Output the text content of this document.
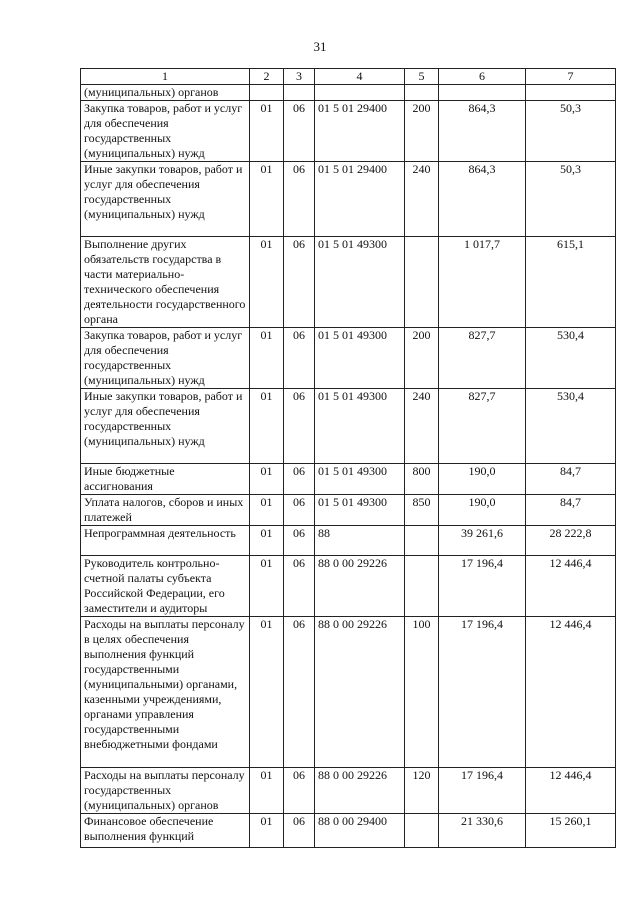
31
1	2	3	4	5	6	7
(муниципальных) органов						
Закупка товаров, работ и услуг для обеспечения государственных (муниципальных) нужд	01	06	01 5 01 29400	200	864,3	50,3
Иные закупки товаров, работ и услуг для обеспечения государственных (муниципальных) нужд	01	06	01 5 01 29400	240	864,3	50,3
Выполнение других обязательств государства в части материально-технического обеспечения деятельности государственного органа	01	06	01 5 01 49300		1 017,7	615,1
Закупка товаров, работ и услуг для обеспечения государственных (муниципальных) нужд	01	06	01 5 01 49300	200	827,7	530,4
Иные закупки товаров, работ и услуг для обеспечения государственных (муниципальных) нужд	01	06	01 5 01 49300	240	827,7	530,4
Иные бюджетные ассигнования	01	06	01 5 01 49300	800	190,0	84,7
Уплата налогов, сборов и иных платежей	01	06	01 5 01 49300	850	190,0	84,7
Непрограммная деятельность	01	06	88		39 261,6	28 222,8
Руководитель контрольно-счетной палаты субъекта Российской Федерации, его заместители и аудиторы	01	06	88 0 00 29226		17 196,4	12 446,4
Расходы на выплаты персоналу в целях обеспечения выполнения функций государственными (муниципальными) органами, казенными учреждениями, органами управления государственными внебюджетными фондами	01	06	88 0 00 29226	100	17 196,4	12 446,4
Расходы на выплаты персоналу государственных (муниципальных) органов	01	06	88 0 00 29226	120	17 196,4	12 446,4
Финансовое обеспечение выполнения функций	01	06	88 0 00 29400		21 330,6	15 260,1
